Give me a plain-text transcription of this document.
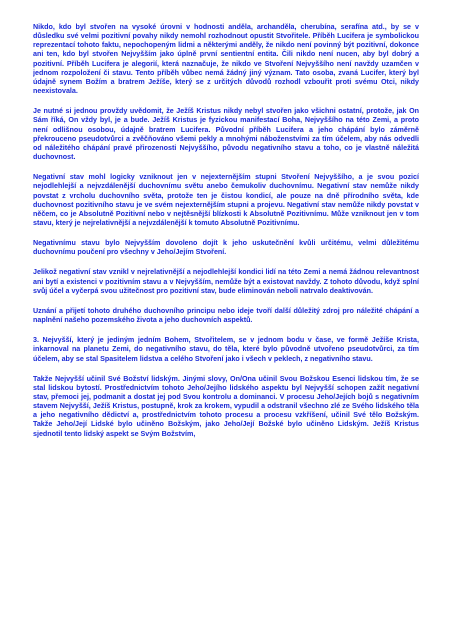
Nikdo, kdo byl stvořen na vysoké úrovni v hodnosti anděla, archanděla, cherubína, serafína atd., by se v důsledku své velmi pozitivní povahy nikdy nemohl rozhodnout opustit Stvořitele. Příběh Lucifera je symbolickou reprezentací tohoto faktu, nepochopeným lidmi a některými anděly, že nikdo není povinný být pozitivní, dokonce ani ten, kdo byl stvořen Nejvyšším jako úplně první sentientní entita. Čili nikdo není nucen, aby byl dobrý a pozitivní. Příběh Lucifera je alegorií, která naznačuje, že nikdo ve Stvoření Nejvyššího není navždy uzamčen v jednom rozpoložení či stavu. Tento příběh vůbec nemá žádný jiný význam. Tato osoba, zvaná Lucifer, který byl údajně synem Božím a bratrem Ježíše, který se z určitých důvodů rozhodl vzbouřit proti svému Otci, nikdy neexistovala.

Je nutné si jednou provždy uvědomit, že Ježíš Kristus nikdy nebyl stvořen jako všichni ostatní, protože, jak On Sám říká, On vždy byl, je a bude. Ježíš Kristus je fyzickou manifestací Boha, Nejvyššího na této Zemi, a proto není odlišnou osobou, údajně bratrem Lucifera. Původní příběh Lucifera a jeho chápání bylo záměrně překrouceno pseudotvůrci a zvěčňováno všemi pekly a mnohými náboženstvími za tím účelem, aby nás odvedli od náležitého chápání pravé přirozenosti Nejvyššího, původu negativního stavu a toho, co je vlastně náležitá duchovnost.

Negativní stav mohl logicky vzniknout jen v nejexternějším stupni Stvoření Nejvyššího, a je svou pozicí nejodlehlejší a nejvzdálenější duchovnímu světu anebo čemukoliv duchovnímu. Negativní stav nemůže nikdy povstat z vrcholu duchovního světa, protože ten je čistou kondicí, ale pouze na dně přírodního světa, kde duchovnost pozitivního stavu je ve svém nejexternějším stupni a projevu. Negativní stav nemůže nikdy povstat v něčem, co je Absolutně Pozitivní nebo v nejtěsnější blízkosti k Absolutně Pozitivnímu. Může vzniknout jen v tom stavu, který je nejrelativnější a nejvzdálenější k tomuto Absolutně Pozitivnímu.

Negativnímu stavu bylo Nejvyšším dovoleno dojít k jeho uskutečnění kvůli určitému, velmi důležitému duchovnímu poučení pro všechny v Jeho/Jejím Stvoření.

Jelikož negativní stav vznikl v nejrelativnější a nejodlehlejší kondici lidí na této Zemi a nemá žádnou relevantnost ani bytí a existenci v pozitivním stavu a v Nejvyšším, nemůže být a existovat navždy. Z tohoto důvodu, když splní svůj účel a vyčerpá svou užitečnost pro pozitivní stav, bude eliminován neboli natrvalo deaktivován.

Uznání a přijetí tohoto druhého duchovního principu nebo ideje tvoří další důležitý zdroj pro náležité chápání a naplnění našeho pozemského života a jeho duchovních aspektů.

3. Nejvyšší, který je jediným jedním Bohem, Stvořitelem, se v jednom bodu v čase, ve formě Ježíše Krista, inkarnoval na planetu Zemi, do negativního stavu, do těla, které bylo původně utvořeno pseudotvůrci, za tím účelem, aby se stal Spasitelem lidstva a celého Stvoření jako i všech v peklech, z negativního stavu.

Takže Nejvyšší učinil Své Božství lidským. Jinými slovy, On/Ona učinil Svou Božskou Esenci lidskou tím, že se stal lidskou bytostí. Prostřednictvím tohoto Jeho/Jejího lidského aspektu byl Nejvyšší schopen zažít negativní stav, přemoci jej, podmanit a dostat jej pod Svou kontrolu a dominanci. V procesu Jeho/Jejích bojů s negativním stavem Nejvyšší, Ježíš Kristus, postupně, krok za krokem, vypudil a odstranil všechno zlé ze Svého lidského těla a jeho negativního dědictví a, prostřednictvím tohoto procesu a procesu vzkříšení, učinil Své tělo Božským. Takže Jeho/Její Lidské bylo učiněno Božským, jako Jeho/Její Božské bylo učiněno Lidským. Ježíš Kristus sjednotil tento lidský aspekt se Svým Božstvím,
